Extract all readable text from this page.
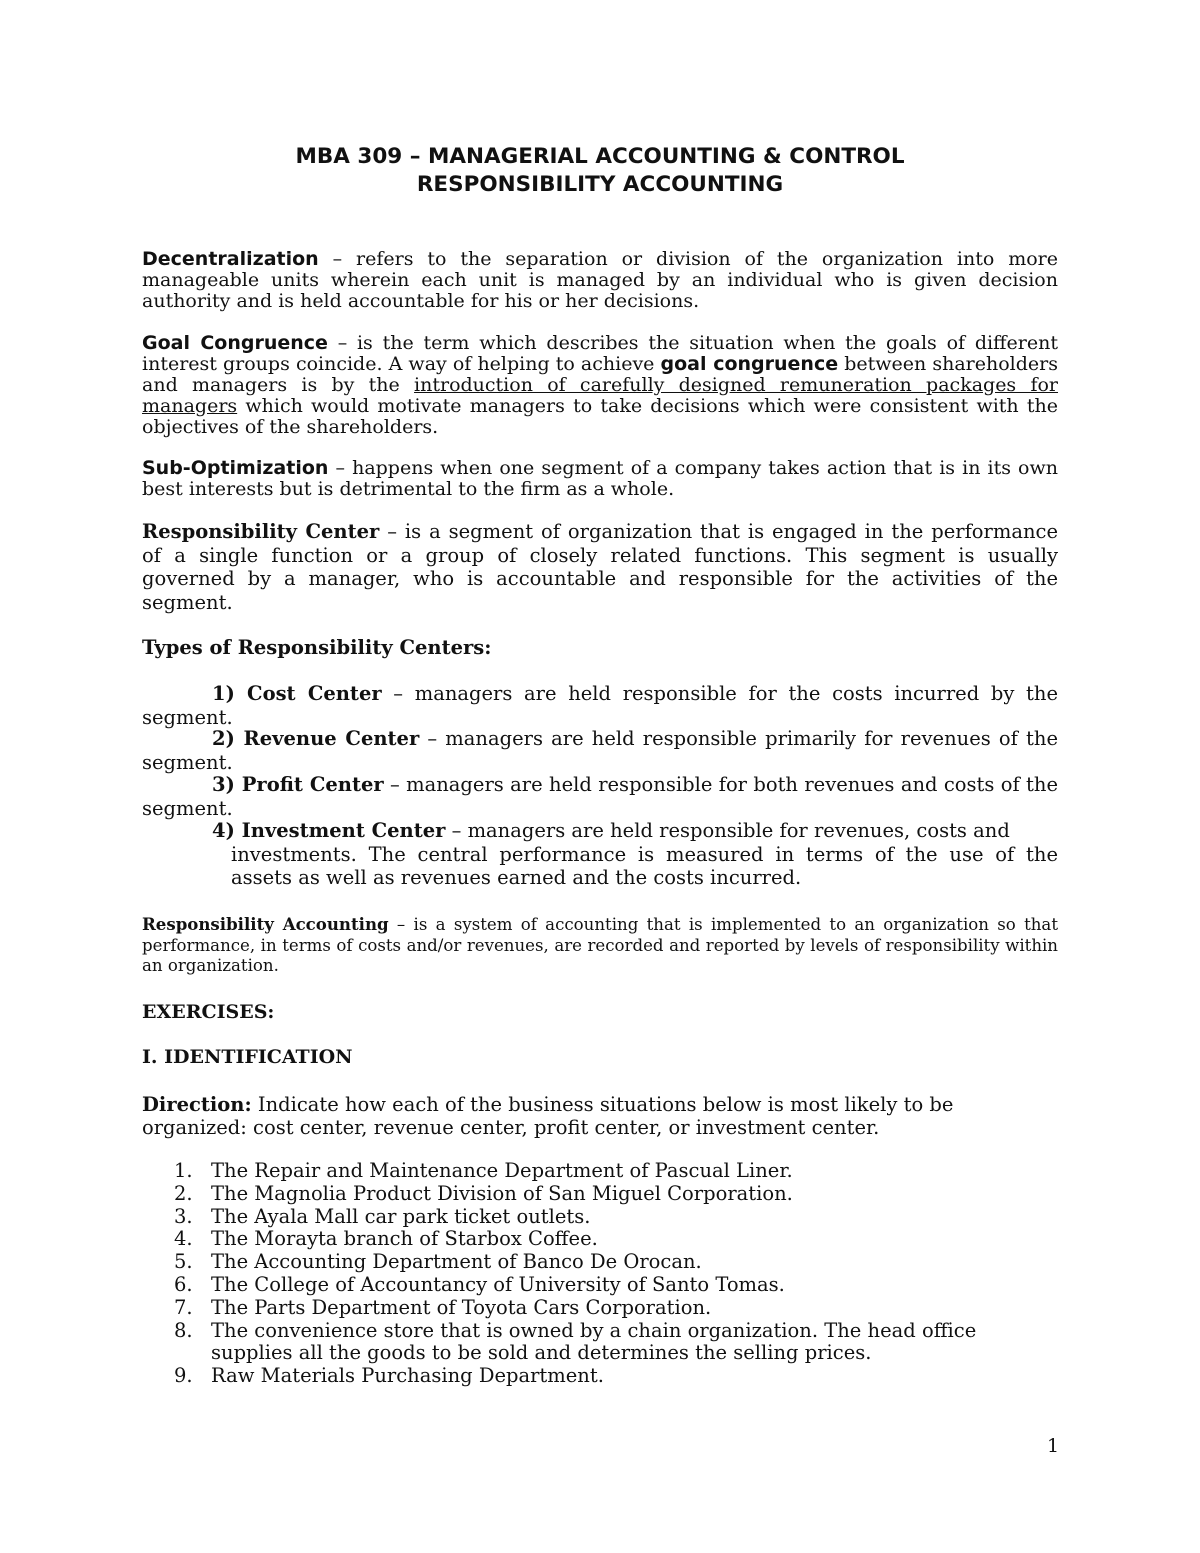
MBA 309 – MANAGERIAL ACCOUNTING & CONTROL
RESPONSIBILITY ACCOUNTING

Decentralization – refers to the separation or division of the organization into more manageable units wherein each unit is managed by an individual who is given decision authority and is held accountable for his or her decisions.

Goal Congruence – is the term which describes the situation when the goals of different interest groups coincide. A way of helping to achieve goal congruence between shareholders and managers is by the introduction of carefully designed remuneration packages for managers which would motivate managers to take decisions which were consistent with the objectives of the shareholders.

Sub-Optimization – happens when one segment of a company takes action that is in its own best interests but is detrimental to the firm as a whole.

Responsibility Center – is a segment of organization that is engaged in the performance of a single function or a group of closely related functions. This segment is usually governed by a manager, who is accountable and responsible for the activities of the segment.

Types of Responsibility Centers:

1) Cost Center – managers are held responsible for the costs incurred by the segment.

2) Revenue Center – managers are held responsible primarily for revenues of the segment.

3) Profit Center – managers are held responsible for both revenues and costs of the segment.

4) Investment Center – managers are held responsible for revenues, costs and
investments. The central performance is measured in terms of the use of the assets as well as revenues earned and the costs incurred.

Responsibility Accounting – is a system of accounting that is implemented to an organization so that performance, in terms of costs and/or revenues, are recorded and reported by levels of responsibility within an organization.

EXERCISES:
I. IDENTIFICATION
Direction: Indicate how each of the business situations below is most likely to be
organized: cost center, revenue center, profit center, or investment center.
1. The Repair and Maintenance Department of Pascual Liner.
2. The Magnolia Product Division of San Miguel Corporation.
3. The Ayala Mall car park ticket outlets.
4. The Morayta branch of Starbox Coffee.
5. The Accounting Department of Banco De Orocan.
6. The College of Accountancy of University of Santo Tomas.
7. The Parts Department of Toyota Cars Corporation.
8. The convenience store that is owned by a chain organization. The head office supplies all the goods to be sold and determines the selling prices.
9. Raw Materials Purchasing Department.
1
